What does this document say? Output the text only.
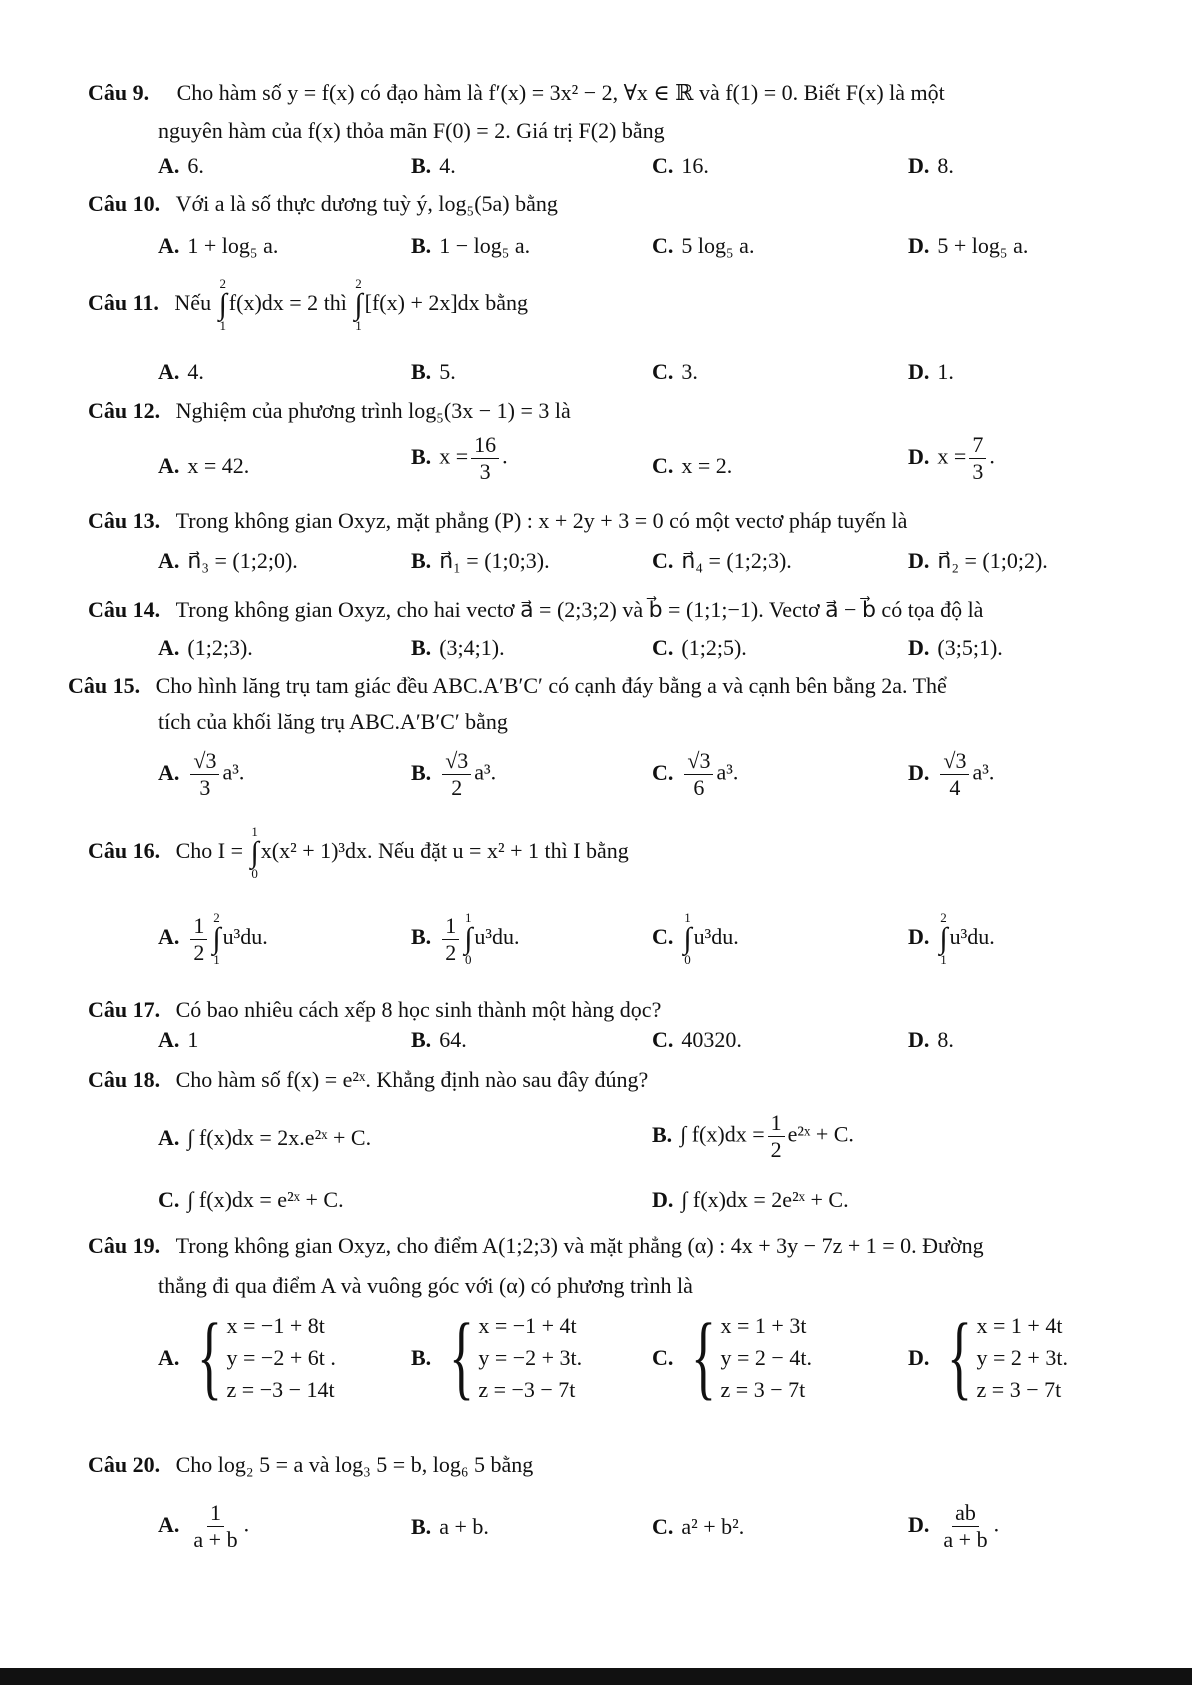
Câu 9. Cho hàm số y = f(x) có đạo hàm là f′(x) = 3x² − 2, ∀x ∈ ℝ và f(1) = 0. Biết F(x) là một
nguyên hàm của f(x) thỏa mãn F(0) = 2. Giá trị F(2) bằng
A. 6.	B. 4.	C. 16.	D. 8.
Câu 10. Với a là số thực dương tuỳ ý, log₅(5a) bằng
A. 1 + log₅ a.	B. 1 − log₅ a.	C. 5 log₅ a.	D. 5 + log₅ a.
Câu 11. Nếu
2
∫
1
f(x)dx = 2 thì
2
∫
1
[f(x) + 2x]dx bằng
A. 4.	B. 5.	C. 3.	D. 1.
Câu 12. Nghiệm của phương trình log₅(3x − 1) = 3 là
A. x = 42.	B. $x = \frac{16}{3}$ .	C. x = 2.	D. $x = \frac{7}{3}$ .
Câu 13. Trong không gian Oxyz, mặt phẳng (P) : x + 2y + 3 = 0 có một vectơ pháp tuyến là
A. n⃗₃ = (1;2;0).	B. n⃗₁ = (1;0;3).	C. n⃗₄ = (1;2;3).	D. n⃗₂ = (1;0;2).
Câu 14. Trong không gian Oxyz, cho hai vectơ a⃗ = (2;3;2) và b⃗ = (1;1;−1). Vectơ a⃗ − b⃗ có tọa độ là
A. (1;2;3).	B. (3;4;1).	C. (1;2;5).	D. (3;5;1).
Câu 15. Cho hình lăng trụ tam giác đều ABC.A′B′C′ có cạnh đáy bằng a và cạnh bên bằng 2a. Thể
tích của khối lăng trụ ABC.A′B′C′ bằng
A. $\frac{√3}{3} a^3$.	B. $\frac{√3}{2} a^3$.	C. $\frac{√3}{6} a^3$.	D. $\frac{√3}{4} a^3$.
Câu 16. Cho I =
1
∫
0
x(x² + 1)³dx. Nếu đặt u = x² + 1 thì I bằng
A. $\frac{1}{2} 2$
∫
1
u³du.	B. $\frac{1}{2} 1$
∫
0
u³du.	C.
1
∫
0
u³du.	D.
2
∫
1
u³du.
Câu 17. Có bao nhiêu cách xếp 8 học sinh thành một hàng dọc?
A. 1	B. 64.	C. 40320.	D. 8.
Câu 18. Cho hàm số f(x) = e²ˣ. Khẳng định nào sau đây đúng?
A. ∫ f(x)dx = 2x.e²ˣ + C.	B. ∫ $f(x)dx = \frac{1}{2}$ e²ˣ + C.
C. ∫ f(x)dx = e²ˣ + C.	D. ∫ f(x)dx = 2e²ˣ + C.
Câu 19. Trong không gian Oxyz, cho điểm A(1;2;3) và mặt phẳng (α) : 4x + 3y − 7z + 1 = 0. Đường
thẳng đi qua điểm A và vuông góc với (α) có phương trình là
A. { x = −1 + 8t
y = −2 + 6t .
z = −3 − 14t
B. { x = −1 + 4t
y = −2 + 3t.
z = −3 − 7t
C. { x = 1 + 3t
y = 2 − 4t.
z = 3 − 7t
D. { x = 1 + 4t
y = 2 + 3t.
z = 3 − 7t
Câu 20. Cho log₂ 5 = a và log₃ 5 = b, log₆ 5 bằng
A. $\frac{1}{a + b}$ .	B. a + b.	C. a² + b².	D. $\frac{ab}{a + b}$ .
